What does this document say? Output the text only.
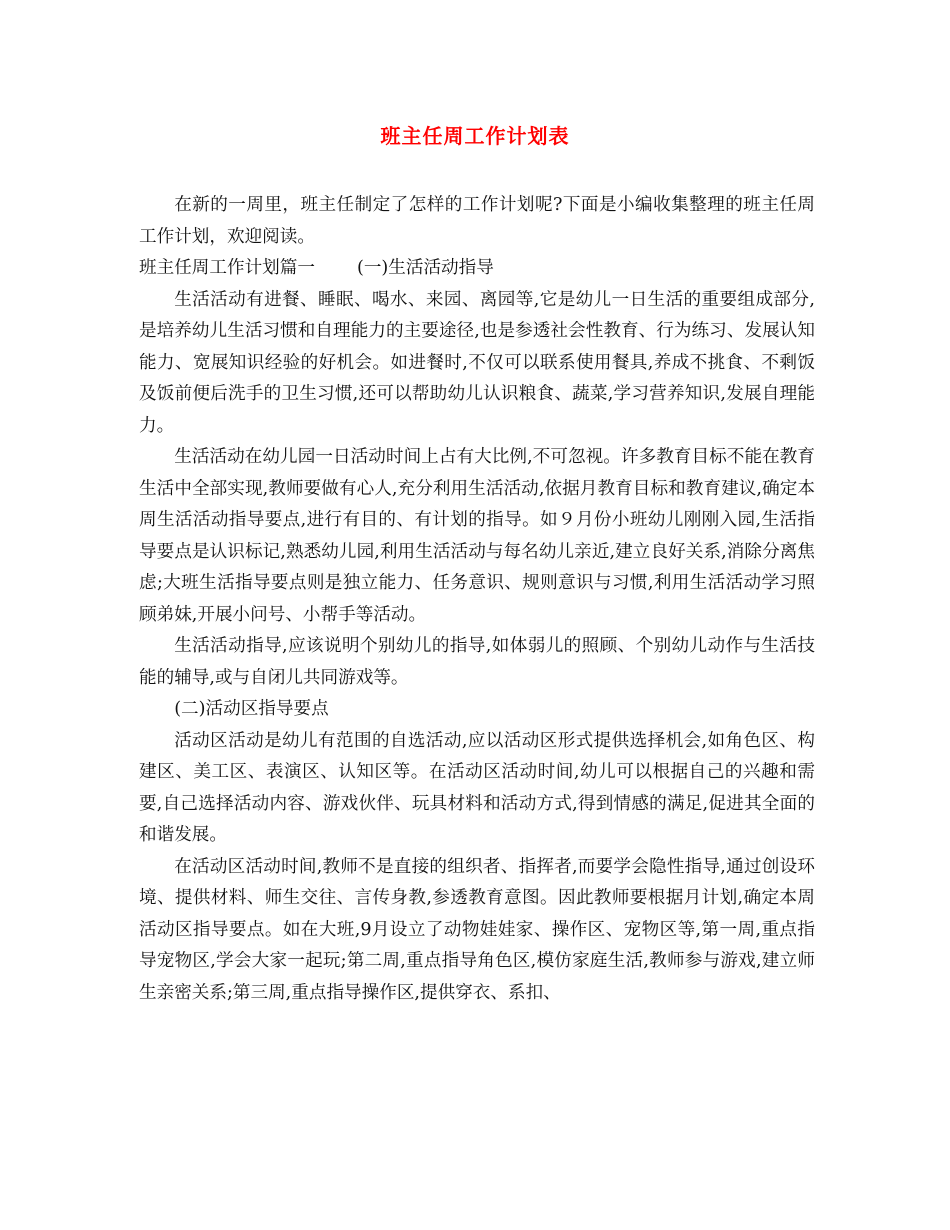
班主任周工作计划表

在新的一周里，班主任制定了怎样的工作计划呢?下面是小编收集整理的班主任周工作计划，欢迎阅读。

班主任周工作计划篇一 (一)生活活动指导

生活活动有进餐、睡眠、喝水、来园、离园等,它是幼儿一日生活的重要组成部分,是培养幼儿生活习惯和自理能力的主要途径,也是参透社会性教育、行为练习、发展认知能力、宽展知识经验的好机会。如进餐时,不仅可以联系使用餐具,养成不挑食、不剩饭及饭前便后洗手的卫生习惯,还可以帮助幼儿认识粮食、蔬菜,学习营养知识,发展自理能力。

生活活动在幼儿园一日活动时间上占有大比例,不可忽视。许多教育目标不能在教育生活中全部实现,教师要做有心人,充分利用生活活动,依据月教育目标和教育建议,确定本周生活活动指导要点,进行有目的、有计划的指导。如９月份小班幼儿刚刚入园,生活指导要点是认识标记,熟悉幼儿园,利用生活活动与每名幼儿亲近,建立良好关系,消除分离焦虑;大班生活指导要点则是独立能力、任务意识、规则意识与习惯,利用生活活动学习照顾弟妹,开展小问号、小帮手等活动。

生活活动指导,应该说明个别幼儿的指导,如体弱儿的照顾、个别幼儿动作与生活技能的辅导,或与自闭儿共同游戏等。

(二)活动区指导要点

活动区活动是幼儿有范围的自选活动,应以活动区形式提供选择机会,如角色区、构建区、美工区、表演区、认知区等。在活动区活动时间,幼儿可以根据自己的兴趣和需要,自己选择活动内容、游戏伙伴、玩具材料和活动方式,得到情感的满足,促进其全面的和谐发展。

在活动区活动时间,教师不是直接的组织者、指挥者,而要学会隐性指导,通过创设环境、提供材料、师生交往、言传身教,参透教育意图。因此教师要根据月计划,确定本周活动区指导要点。如在大班,9月设立了动物娃娃家、操作区、宠物区等,第一周,重点指导宠物区,学会大家一起玩;第二周,重点指导角色区,模仿家庭生活,教师参与游戏,建立师生亲密关系;第三周,重点指导操作区,提供穿衣、系扣、
